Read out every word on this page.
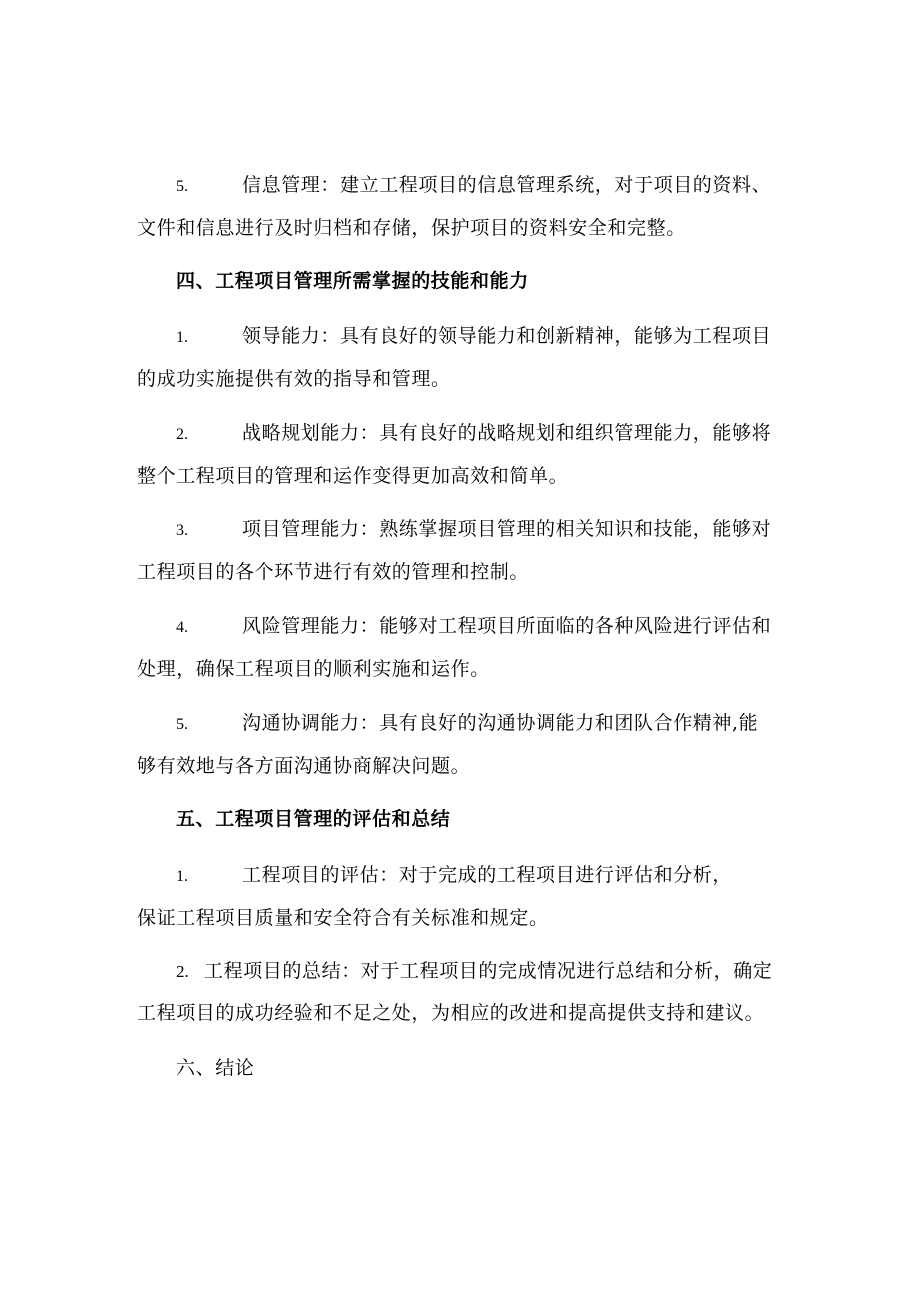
5.	信息管理：建立工程项目的信息管理系统，对于项目的资料、
文件和信息进行及时归档和存储，保护项目的资料安全和完整。
四、工程项目管理所需掌握的技能和能力
1.	领导能力：具有良好的领导能力和创新精神，能够为工程项目
的成功实施提供有效的指导和管理。
2.	战略规划能力：具有良好的战略规划和组织管理能力，能够将
整个工程项目的管理和运作变得更加高效和简单。
3.	项目管理能力：熟练掌握项目管理的相关知识和技能，能够对
工程项目的各个环节进行有效的管理和控制。
4.	风险管理能力：能够对工程项目所面临的各种风险进行评估和
处理，确保工程项目的顺利实施和运作。
5.	沟通协调能力：具有良好的沟通协调能力和团队合作精神,能
够有效地与各方面沟通协商解决问题。
五、工程项目管理的评估和总结
1.	工程项目的评估：对于完成的工程项目进行评估和分析，
保证工程项目质量和安全符合有关标准和规定。
2. 工程项目的总结：对于工程项目的完成情况进行总结和分析，确定
工程项目的成功经验和不足之处，为相应的改进和提高提供支持和建议。
六、结论
